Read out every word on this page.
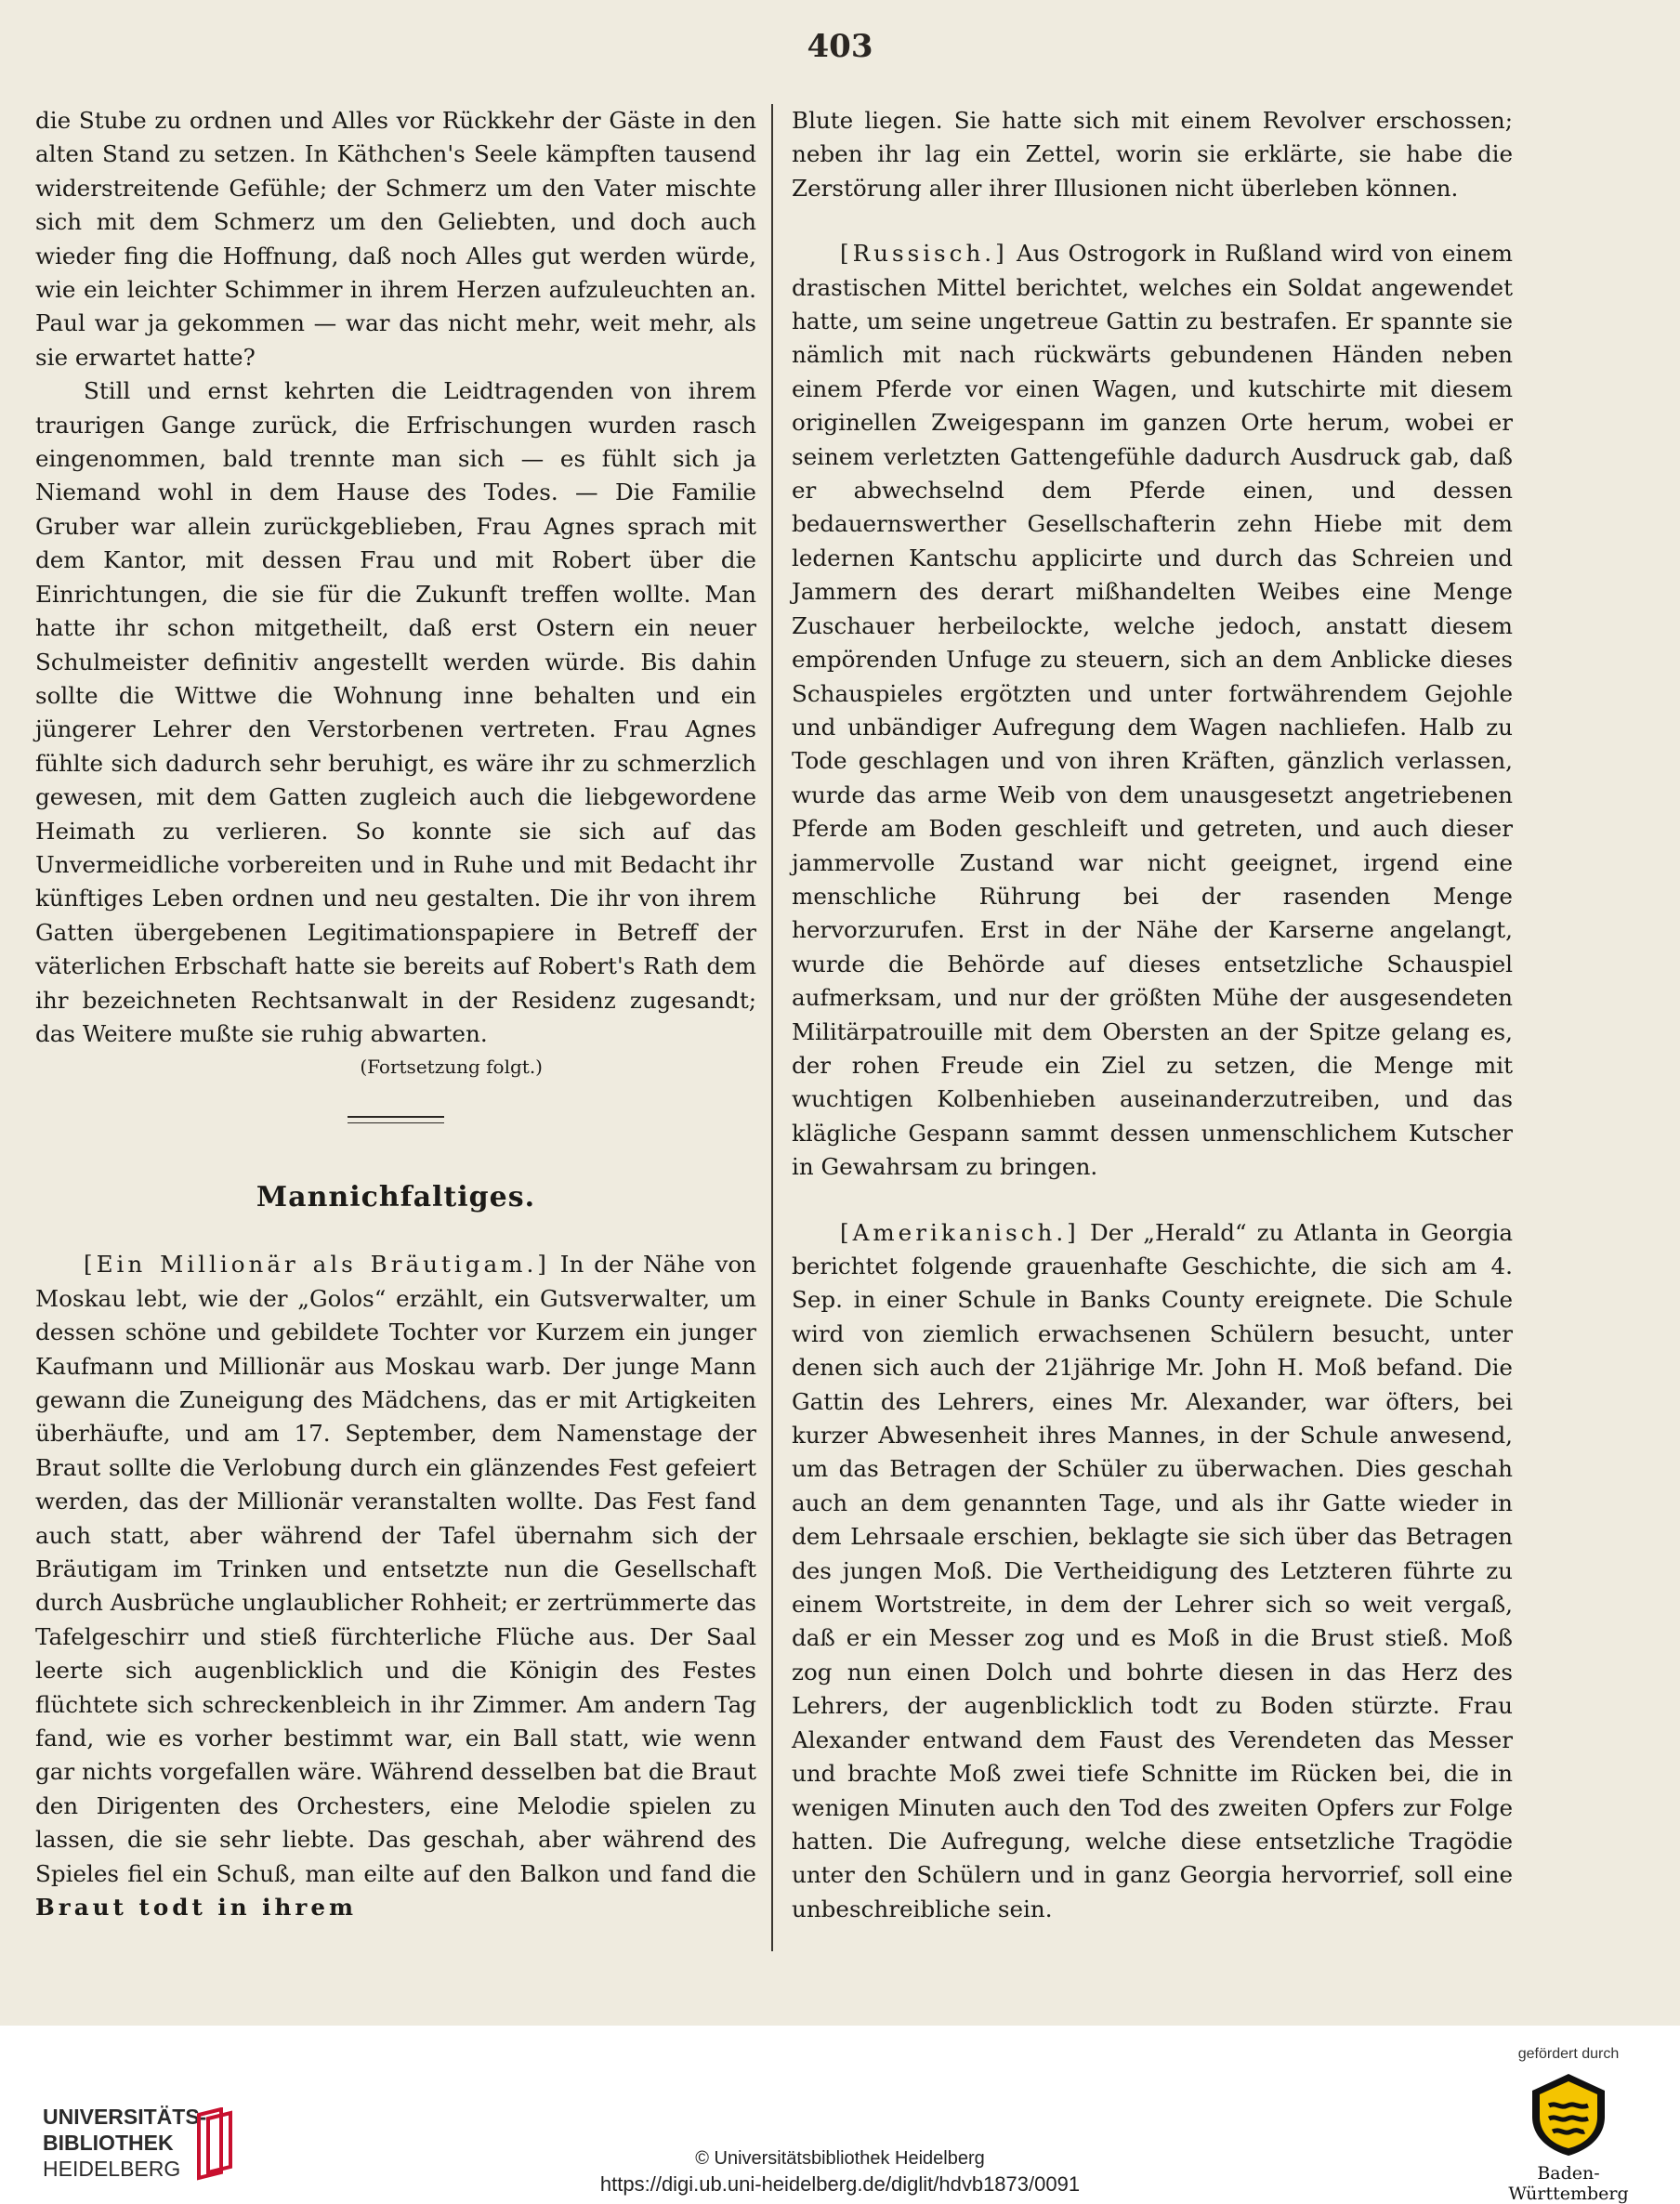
403

die Stube zu ordnen und Alles vor Rückkehr der Gäste in den alten Stand zu setzen. In Käthchen's Seele kämpften tausend widerstreitende Gefühle; der Schmerz um den Vater mischte sich mit dem Schmerz um den Geliebten, und doch auch wieder fing die Hoffnung, daß noch Alles gut werden würde, wie ein leichter Schimmer in ihrem Herzen aufzuleuchten an. Paul war ja gekommen — war das nicht mehr, weit mehr, als sie erwartet hatte?

Still und ernst kehrten die Leidtragenden von ihrem traurigen Gange zurück, die Erfrischungen wurden rasch eingenommen, bald trennte man sich — es fühlt sich ja Niemand wohl in dem Hause des Todes. — Die Familie Gruber war allein zurückgeblieben, Frau Agnes sprach mit dem Kantor, mit dessen Frau und mit Robert über die Einrichtungen, die sie für die Zukunft treffen wollte. Man hatte ihr schon mitgetheilt, daß erst Ostern ein neuer Schulmeister definitiv angestellt werden würde. Bis dahin sollte die Wittwe die Wohnung inne behalten und ein jüngerer Lehrer den Verstorbenen vertreten. Frau Agnes fühlte sich dadurch sehr beruhigt, es wäre ihr zu schmerzlich gewesen, mit dem Gatten zugleich auch die liebgewordene Heimath zu verlieren. So konnte sie sich auf das Unvermeidliche vorbereiten und in Ruhe und mit Bedacht ihr künftiges Leben ordnen und neu gestalten. Die ihr von ihrem Gatten übergebenen Legitimationspapiere in Betreff der väterlichen Erbschaft hatte sie bereits auf Robert's Rath dem ihr bezeichneten Rechtsanwalt in der Residenz zugesandt; das Weitere mußte sie ruhig abwarten.

(Fortsetzung folgt.)

Mannichfaltiges.

[Ein Millionär als Bräutigam.] In der Nähe von Moskau lebt, wie der „Golos“ erzählt, ein Gutsverwalter, um dessen schöne und gebildete Tochter vor Kurzem ein junger Kaufmann und Millionär aus Moskau warb. Der junge Mann gewann die Zuneigung des Mädchens, das er mit Artigkeiten überhäufte, und am 17. September, dem Namenstage der Braut sollte die Verlobung durch ein glänzendes Fest gefeiert werden, das der Millionär veranstalten wollte. Das Fest fand auch statt, aber während der Tafel übernahm sich der Bräutigam im Trinken und entsetzte nun die Gesellschaft durch Ausbrüche unglaublicher Rohheit; er zertrümmerte das Tafelgeschirr und stieß fürchterliche Flüche aus. Der Saal leerte sich augenblicklich und die Königin des Festes flüchtete sich schreckenbleich in ihr Zimmer. Am andern Tag fand, wie es vorher bestimmt war, ein Ball statt, wie wenn gar nichts vorgefallen wäre. Während desselben bat die Braut den Dirigenten des Orchesters, eine Melodie spielen zu lassen, die sie sehr liebte. Das geschah, aber während des Spieles fiel ein Schuß, man eilte auf den Balkon und fand die Braut todt in ihrem

Blute liegen. Sie hatte sich mit einem Revolver erschossen; neben ihr lag ein Zettel, worin sie erklärte, sie habe die Zerstörung aller ihrer Illusionen nicht überleben können.

[Russisch.] Aus Ostrogork in Rußland wird von einem drastischen Mittel berichtet, welches ein Soldat angewendet hatte, um seine ungetreue Gattin zu bestrafen. Er spannte sie nämlich mit nach rückwärts gebundenen Händen neben einem Pferde vor einen Wagen, und kutschirte mit diesem originellen Zweigespann im ganzen Orte herum, wobei er seinem verletzten Gattengefühle dadurch Ausdruck gab, daß er abwechselnd dem Pferde einen, und dessen bedauernswerther Gesellschafterin zehn Hiebe mit dem ledernen Kantschu applicirte und durch das Schreien und Jammern des derart mißhandelten Weibes eine Menge Zuschauer herbeilockte, welche jedoch, anstatt diesem empörenden Unfuge zu steuern, sich an dem Anblicke dieses Schauspieles ergötzten und unter fortwährendem Gejohle und unbändiger Aufregung dem Wagen nachliefen. Halb zu Tode geschlagen und von ihren Kräften, gänzlich verlassen, wurde das arme Weib von dem unausgesetzt angetriebenen Pferde am Boden geschleift und getreten, und auch dieser jammervolle Zustand war nicht geeignet, irgend eine menschliche Rührung bei der rasenden Menge hervorzurufen. Erst in der Nähe der Karserne angelangt, wurde die Behörde auf dieses entsetzliche Schauspiel aufmerksam, und nur der größten Mühe der ausgesendeten Militärpatrouille mit dem Obersten an der Spitze gelang es, der rohen Freude ein Ziel zu setzen, die Menge mit wuchtigen Kolbenhieben auseinanderzutreiben, und das klägliche Gespann sammt dessen unmenschlichem Kutscher in Gewahrsam zu bringen.

[Amerikanisch.] Der „Herald“ zu Atlanta in Georgia berichtet folgende grauenhafte Geschichte, die sich am 4. Sep. in einer Schule in Banks County ereignete. Die Schule wird von ziemlich erwachsenen Schülern besucht, unter denen sich auch der 21jährige Mr. John H. Moß befand. Die Gattin des Lehrers, eines Mr. Alexander, war öfters, bei kurzer Abwesenheit ihres Mannes, in der Schule anwesend, um das Betragen der Schüler zu überwachen. Dies geschah auch an dem genannten Tage, und als ihr Gatte wieder in dem Lehrsaale erschien, beklagte sie sich über das Betragen des jungen Moß. Die Vertheidigung des Letzteren führte zu einem Wortstreite, in dem der Lehrer sich so weit vergaß, daß er ein Messer zog und es Moß in die Brust stieß. Moß zog nun einen Dolch und bohrte diesen in das Herz des Lehrers, der augenblicklich todt zu Boden stürzte. Frau Alexander entwand dem Faust des Verendeten das Messer und brachte Moß zwei tiefe Schnitte im Rücken bei, die in wenigen Minuten auch den Tod des zweiten Opfers zur Folge hatten. Die Aufregung, welche diese entsetzliche Tragödie unter den Schülern und in ganz Georgia hervorrief, soll eine unbeschreibliche sein.

UNIVERSITÄTS-
BIBLIOTHEK
HEIDELBERG	© Universitätsbibliothek Heidelberg
https://digi.ub.uni-heidelberg.de/diglit/hdvb1873/0091
gefördert durch
Baden-Württemberg
